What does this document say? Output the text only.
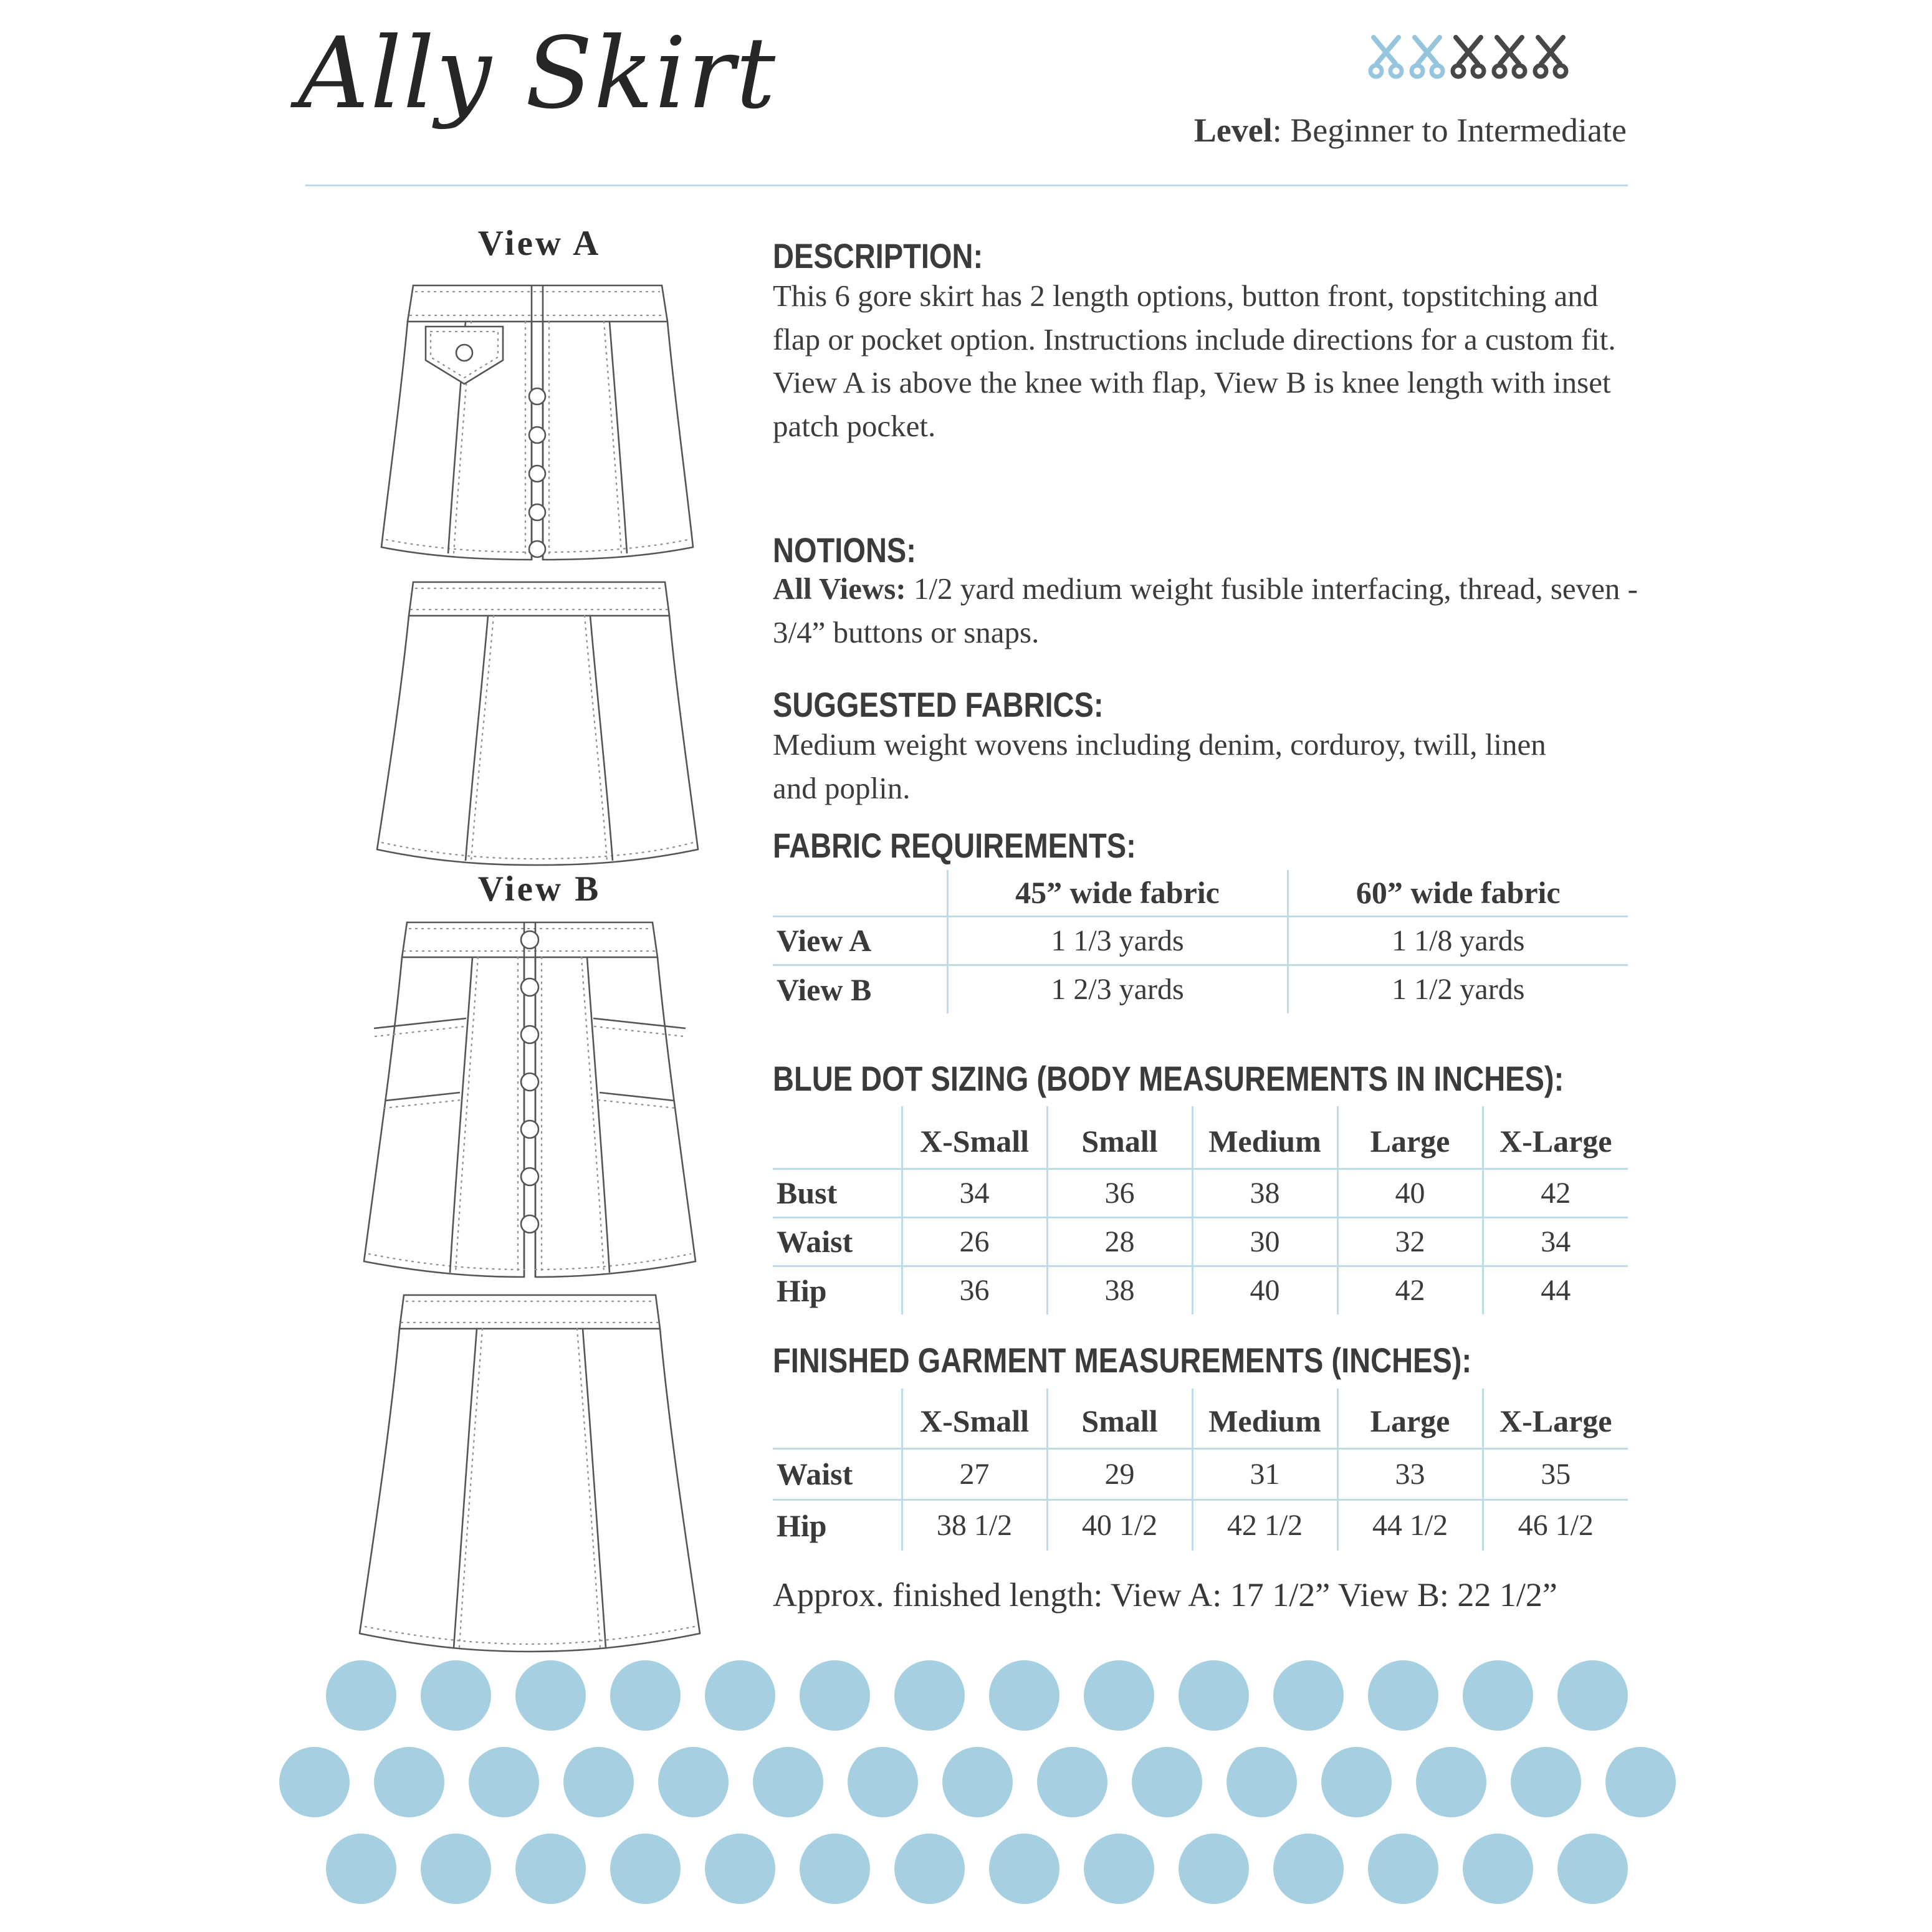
Ally Skirt	Level: Beginner to Intermediate
View A
View B
DESCRIPTION:
This 6 gore skirt has 2 length options, button front, topstitching and flap or pocket option. Instructions include directions for a custom fit. View A is above the knee with flap, View B is knee length with inset patch pocket.
NOTIONS:
All Views: 1/2 yard medium weight fusible interfacing, thread, seven - 3/4” buttons or snaps.
SUGGESTED FABRICS:
Medium weight wovens including denim, corduroy, twill, linen and poplin.
FABRIC REQUIREMENTS:
	45” wide fabric	60” wide fabric
View A	1 1/3 yards	1 1/8 yards
View B	1 2/3 yards	1 1/2 yards
BLUE DOT SIZING (BODY MEASUREMENTS IN INCHES):
	X-Small	Small	Medium	Large	X-Large
Bust	34	36	38	40	42
Waist	26	28	30	32	34
Hip	36	38	40	42	44
FINISHED GARMENT MEASUREMENTS (INCHES):
	X-Small	Small	Medium	Large	X-Large
Waist	27	29	31	33	35
Hip	38 1/2	40 1/2	42 1/2	44 1/2	46 1/2
Approx. finished length: View A: 17 1/2” View B: 22 1/2”
